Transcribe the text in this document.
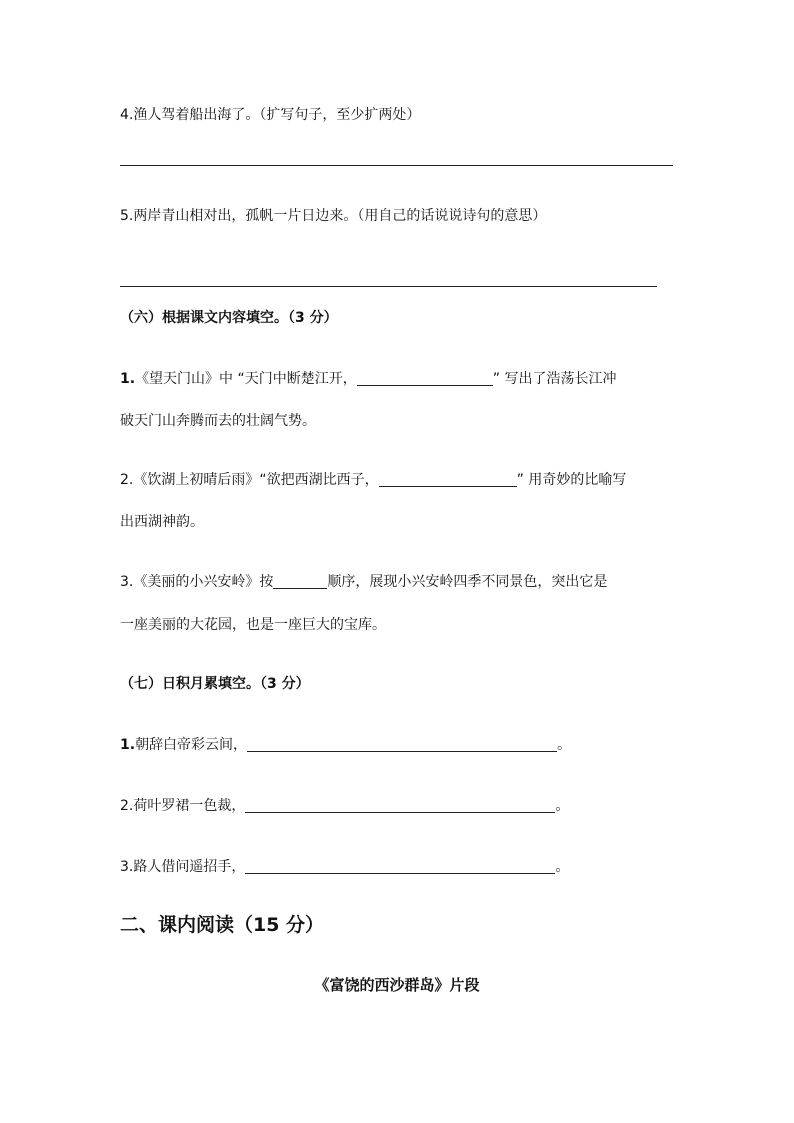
4.渔人驾着船出海了。（扩写句子，至少扩两处）
5.两岸青山相对出，孤帆一片日边来。（用自己的话说说诗句的意思）
（六）根据课文内容填空。（3 分）
1.《望天门山》中 “天门中断楚江开，	” 写出了浩荡长江冲
破天门山奔腾而去的壮阔气势。
2.《饮湖上初晴后雨》“欲把西湖比西子，	” 用奇妙的比喻写
出西湖神韵。
3.《美丽的小兴安岭》按	顺序，展现小兴安岭四季不同景色，突出它是
一座美丽的大花园，也是一座巨大的宝库。
（七）日积月累填空。（3 分）
1.朝辞白帝彩云间，	。
2.荷叶罗裙一色裁，	。
3.路人借问遥招手，	。
二、课内阅读（15 分）
《富饶的西沙群岛》片段
